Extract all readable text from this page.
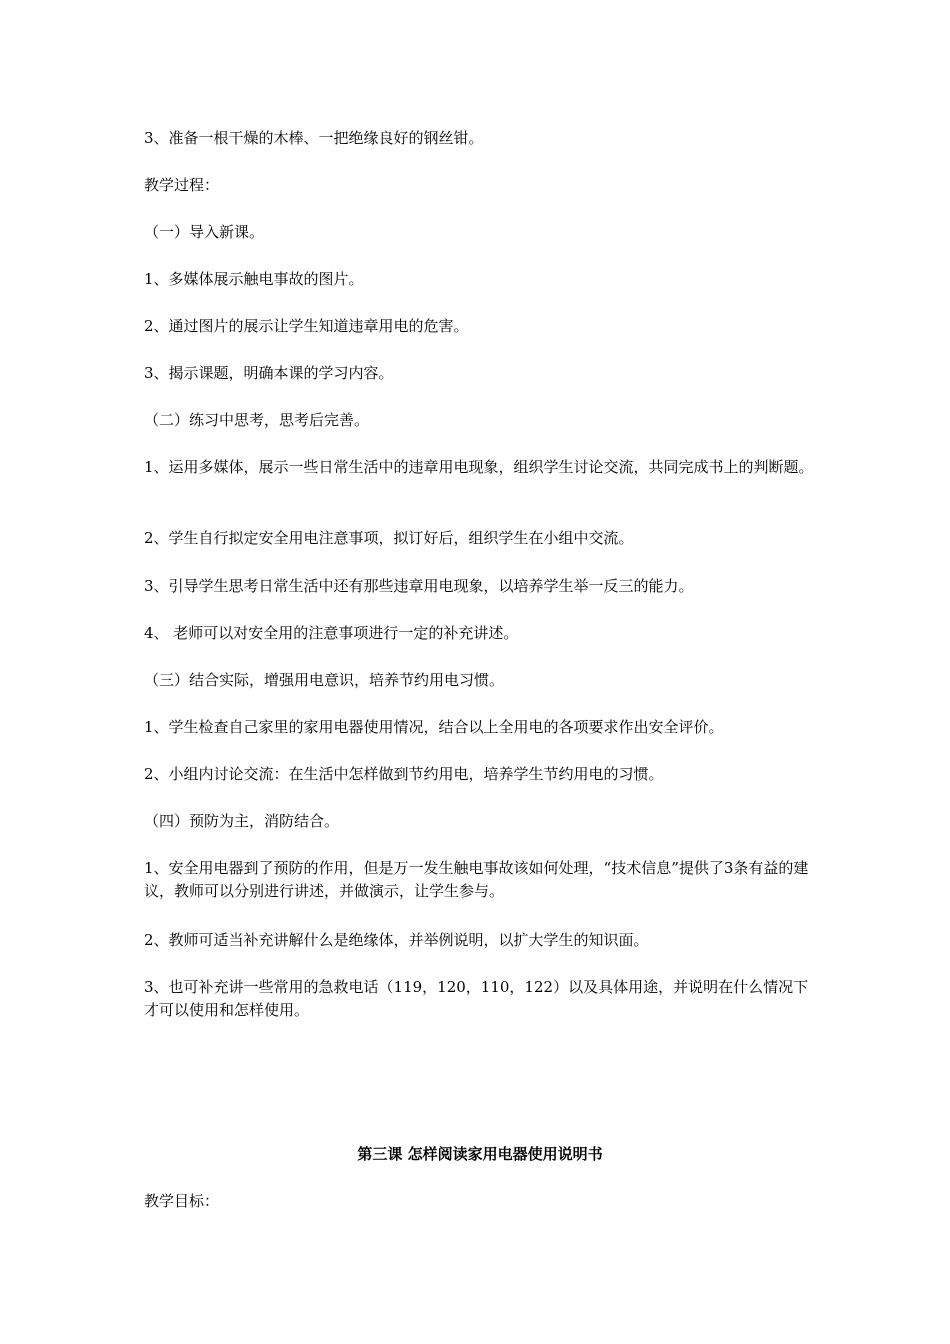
3、准备一根干燥的木棒、一把绝缘良好的钢丝钳。

教学过程：

（一）导入新课。

1、多媒体展示触电事故的图片。

2、通过图片的展示让学生知道违章用电的危害。

3、揭示课题，明确本课的学习内容。

（二）练习中思考，思考后完善。

1、运用多媒体，展示一些日常生活中的违章用电现象，组织学生讨论交流，共同完成书上的判断题。

2、学生自行拟定安全用电注意事项，拟订好后，组织学生在小组中交流。

3、引导学生思考日常生活中还有那些违章用电现象，以培养学生举一反三的能力。

4、 老师可以对安全用的注意事项进行一定的补充讲述。

（三）结合实际，增强用电意识，培养节约用电习惯。

1、学生检查自己家里的家用电器使用情况，结合以上全用电的各项要求作出安全评价。

2、小组内讨论交流：在生活中怎样做到节约用电，培养学生节约用电的习惯。

（四）预防为主，消防结合。

1、安全用电器到了预防的作用，但是万一发生触电事故该如何处理，“技术信息”提供了3条有益的建议，教师可以分别进行讲述，并做演示，让学生参与。

2、教师可适当补充讲解什么是绝缘体，并举例说明，以扩大学生的知识面。

3、也可补充讲一些常用的急救电话（119，120，110，122）以及具体用途，并说明在什么情况下才可以使用和怎样使用。

第三课 怎样阅读家用电器使用说明书

教学目标：
